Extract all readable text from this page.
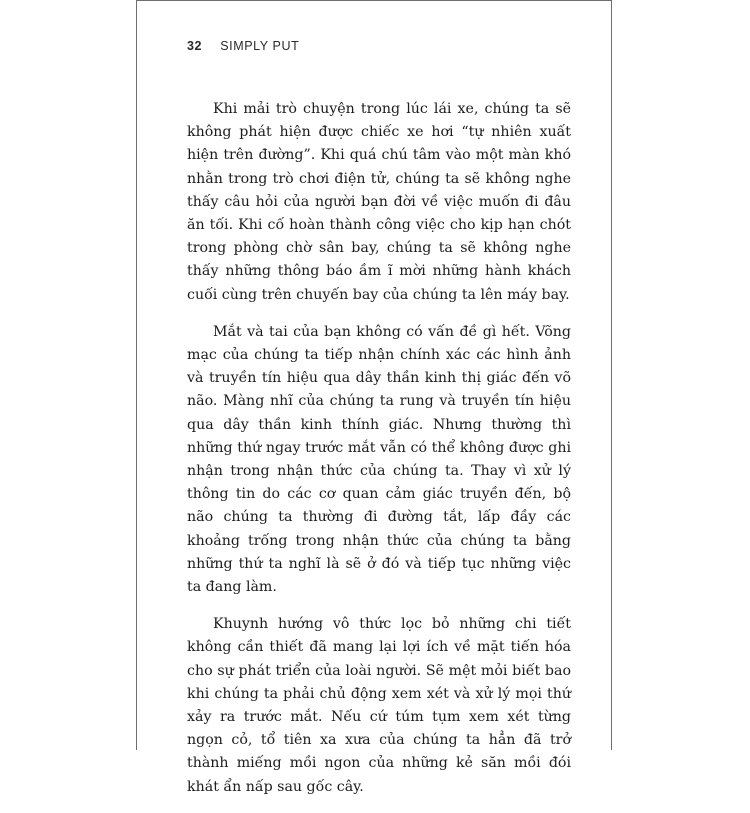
32 SIMPLY PUT

Khi mải trò chuyện trong lúc lái xe, chúng ta sẽ không phát hiện được chiếc xe hơi “tự nhiên xuất hiện trên đường”. Khi quá chú tâm vào một màn khó nhằn trong trò chơi điện tử, chúng ta sẽ không nghe thấy câu hỏi của người bạn đời về việc muốn đi đâu ăn tối. Khi cố hoàn thành công việc cho kịp hạn chót trong phòng chờ sân bay, chúng ta sẽ không nghe thấy những thông báo ầm ĩ mời những hành khách cuối cùng trên chuyến bay của chúng ta lên máy bay.

Mắt và tai của bạn không có vấn đề gì hết. Võng mạc của chúng ta tiếp nhận chính xác các hình ảnh và truyền tín hiệu qua dây thần kinh thị giác đến võ não. Màng nhĩ của chúng ta rung và truyền tín hiệu qua dây thần kinh thính giác. Nhưng thường thì những thứ ngay trước mắt vẫn có thể không được ghi nhận trong nhận thức của chúng ta. Thay vì xử lý thông tin do các cơ quan cảm giác truyền đến, bộ não chúng ta thường đi đường tắt, lấp đầy các khoảng trống trong nhận thức của chúng ta bằng những thứ ta nghĩ là sẽ ở đó và tiếp tục những việc ta đang làm.

Khuynh hướng vô thức lọc bỏ những chi tiết không cần thiết đã mang lại lợi ích về mặt tiến hóa cho sự phát triển của loài người. Sẽ mệt mỏi biết bao khi chúng ta phải chủ động xem xét và xử lý mọi thứ xảy ra trước mắt. Nếu cứ túm tụm xem xét từng ngọn cỏ, tổ tiên xa xưa của chúng ta hẳn đã trở thành miếng mồi ngon của những kẻ săn mồi đói khát ẩn nấp sau gốc cây.
